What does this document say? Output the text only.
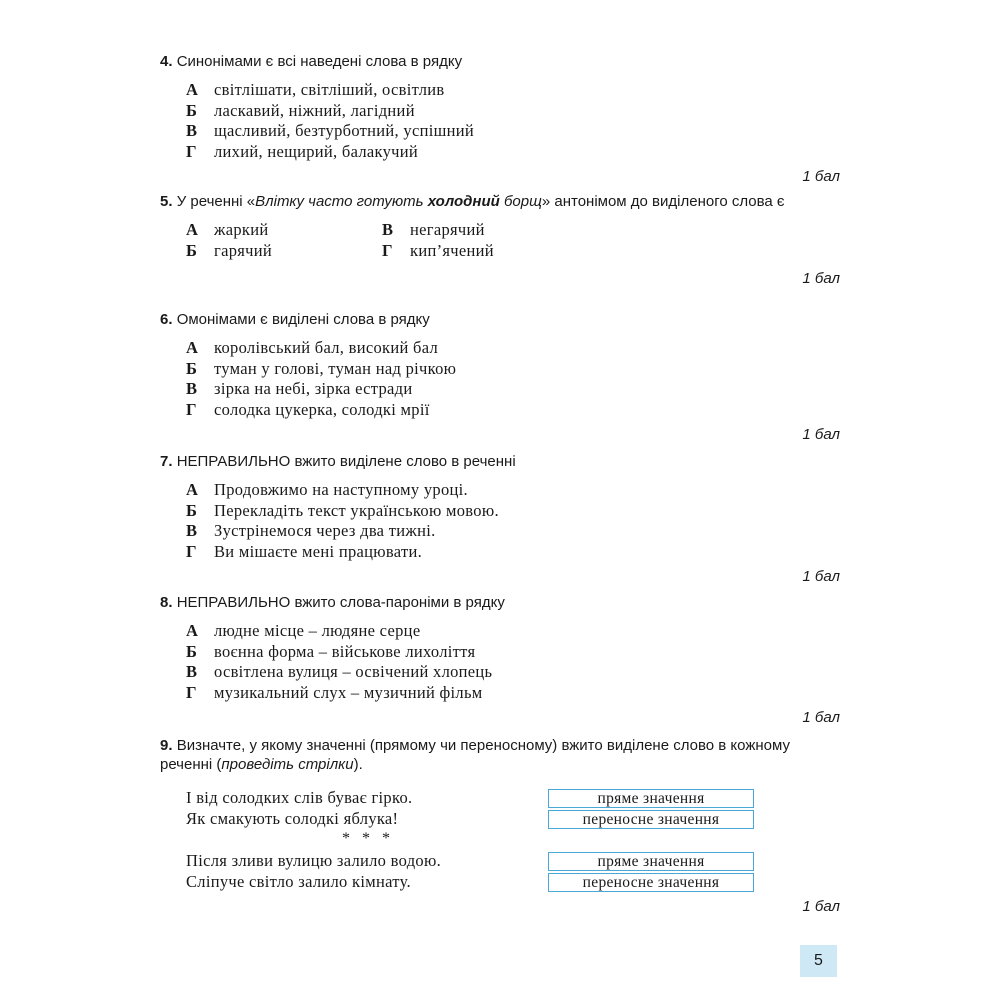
4. Синонімами є всі наведені слова в рядку

А світлішати, світліший, освітлив
Б ласкавий, ніжний, лагідний
В щасливий, безтурботний, успішний
Г лихий, нещирий, балакучий
1 бал

5. У реченні «Влітку часто готують холодний борщ» антонімом до виділеного слова є

А жаркий	В негарячий
Б гарячий	Г кип’ячений
1 бал

6. Омонімами є виділені слова в рядку

А королівський бал, високий бал
Б туман у голові, туман над річкою
В зірка на небі, зірка естради
Г солодка цукерка, солодкі мрії
1 бал

7. НЕПРАВИЛЬНО вжито виділене слово в реченні

А Продовжимо на наступному уроці.
Б Перекладіть текст українською мовою.
В Зустрінемося через два тижні.
Г Ви мішаєте мені працювати.
1 бал

8. НЕПРАВИЛЬНО вжито слова-пароніми в рядку

А людне місце – людяне серце
Б воєнна форма – військове лихоліття
В освітлена вулиця – освічений хлопець
Г музикальний слух – музичний фільм
1 бал

9. Визначте, у якому значенні (прямому чи переносному) вжито виділене слово в кожному реченні (проведіть стрілки).

І від солодких слів буває гірко.
Як смакують солодкі яблука!
* * *
Після зливи вулицю залило водою.
Сліпуче світло залило кімнату.
пряме значення
переносне значення
пряме значення
переносне значення
1 бал
5
